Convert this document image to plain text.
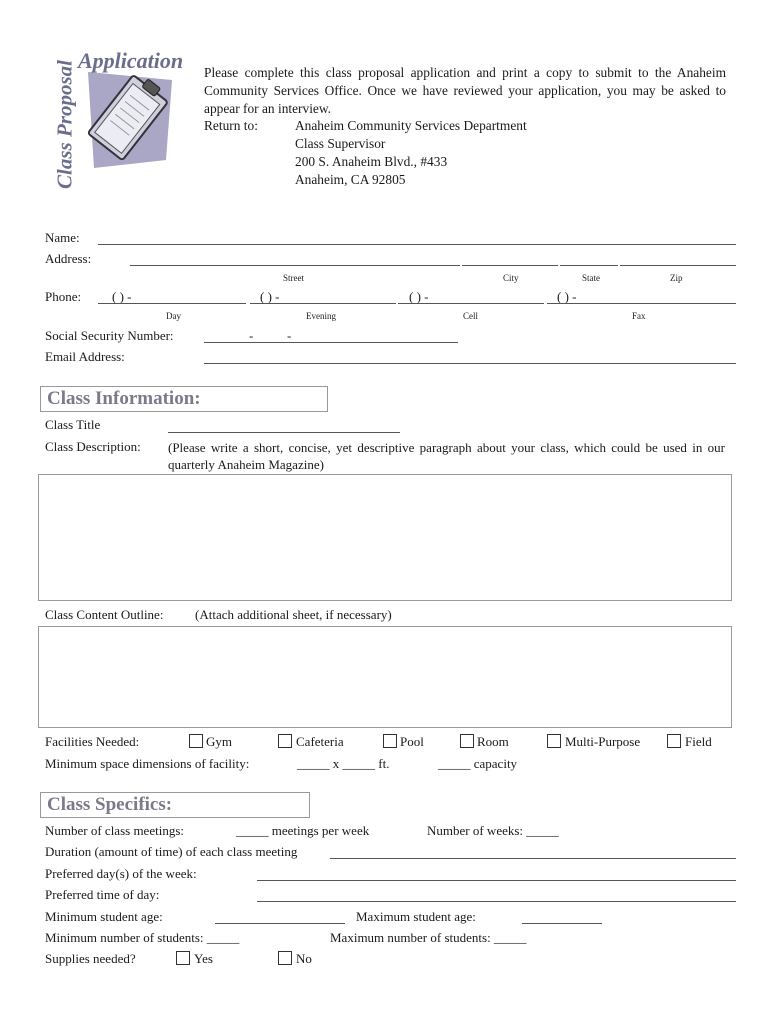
Application
Class Proposal	Please complete this class proposal application and print a copy to submit to the Anaheim Community Services Office. Once we have reviewed your application, you may be asked to appear for an interview.

Return to:	Anaheim Community Services Department
Class Supervisor
200 S. Anaheim Blvd., #433
Anaheim, CA 92805
Name:
Address:
Street	City	State	Zip
Phone: ( ) -	( ) -	( ) -	( ) -
Day	Evening	Cell	Fax
Social Security Number:	-	-
Email Address:
Class Information:
Class Title
Class Description: (Please write a short, concise, yet descriptive paragraph about your class, which could be used in our quarterly Anaheim Magazine)
Class Content Outline: (Attach additional sheet, if necessary)
Facilities Needed:	Gym	Cafeteria	Pool	Room	Multi-Purpose	Field
Minimum space dimensions of facility:	_____ x _____ ft.	_____ capacity
Class Specifics:
Number of class meetings:	_____ meetings per week	Number of weeks: _____
Duration (amount of time) of each class meeting
Preferred day(s) of the week:
Preferred time of day:
Minimum student age:	Maximum student age:
Minimum number of students: _____	Maximum number of students: _____
Supplies needed?	Yes	No
